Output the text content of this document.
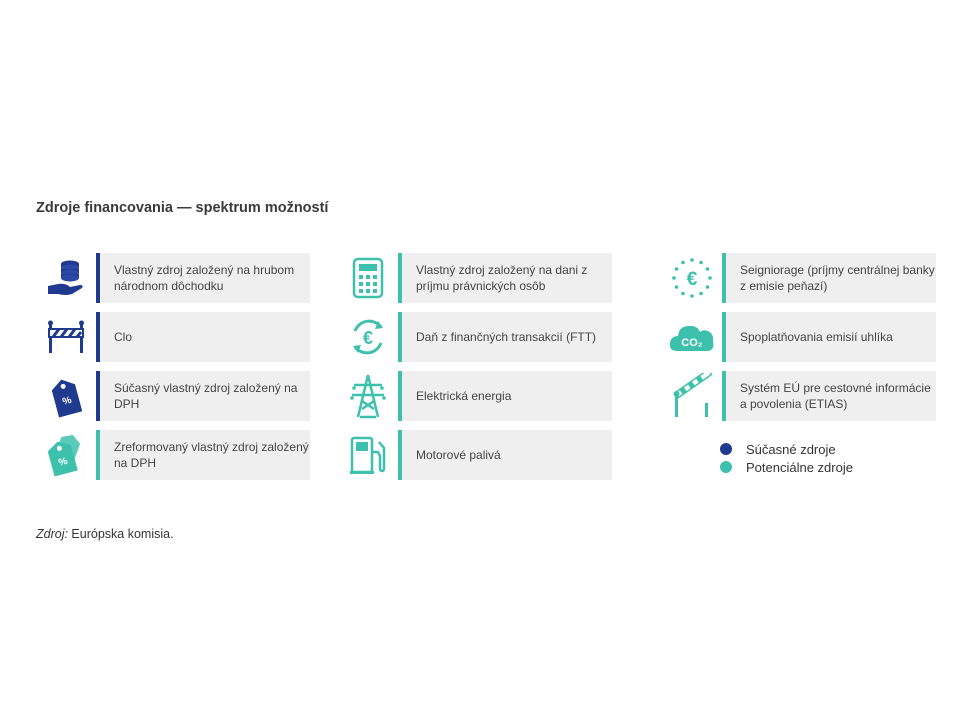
Zdroje financovania — spektrum možností
Vlastný zdroj založený na hrubom národnom dôchodku
Clo
%
Súčasný vlastný zdroj založený na DPH
%
Zreformovaný vlastný zdroj založený na DPH
Vlastný zdroj založený na dani z príjmu právnických osôb
€	Daň z finančných transakcií (FTT)
Elektrická energia
Motorové palivá
€	Seigniorage (príjmy centrálnej banky z emisie peňazí)
CO₂	Spoplatňovania emisií uhlíka
Systém EÚ pre cestovné informácie a povolenia (ETIAS)
Súčasné zdroje
Potenciálne zdroje
Zdroj: Európska komisia.
